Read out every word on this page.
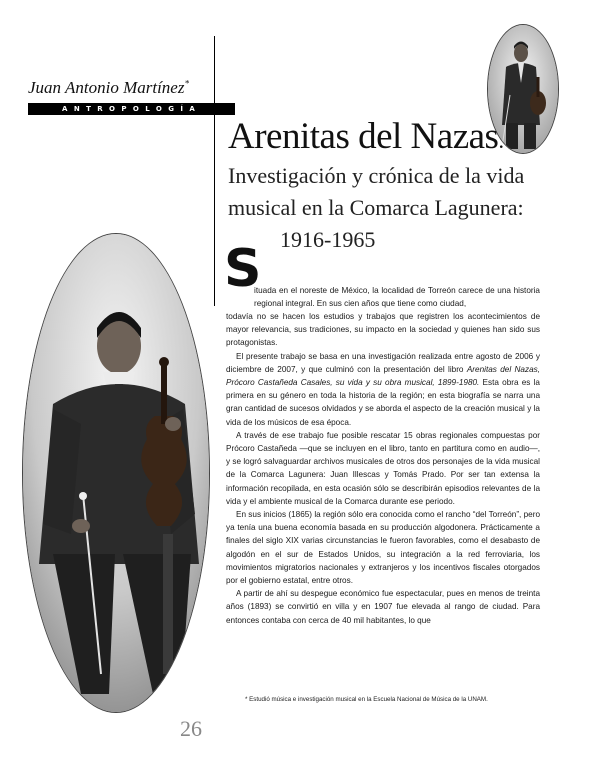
Juan Antonio Martínez*
ANTROPOLOGÍA
Arenitas del Nazas.
Investigación y crónica de la vida
musical en la Comarca Lagunera:
1916-1965
S

ituada en el noreste de México, la localidad de Torreón carece de una historia regional integral. En sus cien años que tiene como ciudad,

todavía no se hacen los estudios y trabajos que registren los acontecimientos de mayor relevancia, sus tradiciones, su impacto en la sociedad y quienes han sido sus protagonistas.

El presente trabajo se basa en una investigación realizada entre agosto de 2006 y diciembre de 2007, y que culminó con la presentación del libro Arenitas del Nazas, Prócoro Castañeda Casales, su vida y su obra musical, 1899-1980. Esta obra es la primera en su género en toda la historia de la región; en esta biografía se narra una gran cantidad de sucesos olvidados y se aborda el aspecto de la creación musical y la vida de los músicos de esa época.

A través de ese trabajo fue posible rescatar 15 obras regionales compuestas por Prócoro Castañeda —que se incluyen en el libro, tanto en partitura como en audio—, y se logró salvaguardar archivos musicales de otros dos personajes de la vida musical de la Comarca Lagunera: Juan Illescas y Tomás Prado. Por ser tan extensa la información recopilada, en esta ocasión sólo se describirán episodios relevantes de la vida y el ambiente musical de la Comarca durante ese periodo.

En sus inicios (1865) la región sólo era conocida como el rancho “del Torreón”, pero ya tenía una buena economía basada en su producción algodonera. Prácticamente a finales del siglo XIX varias circunstancias le fueron favorables, como el desabasto de algodón en el sur de Estados Unidos, su integración a la red ferroviaria, los movimientos migratorios nacionales y extranjeros y los incentivos fiscales otorgados por el gobierno estatal, entre otros.

A partir de ahí su despegue económico fue espectacular, pues en menos de treinta años (1893) se convirtió en villa y en 1907 fue elevada al rango de ciudad. Para entonces contaba con cerca de 40 mil habitantes, lo que

* Estudió música e investigación musical en la Escuela Nacional de Música de la UNAM.
26
